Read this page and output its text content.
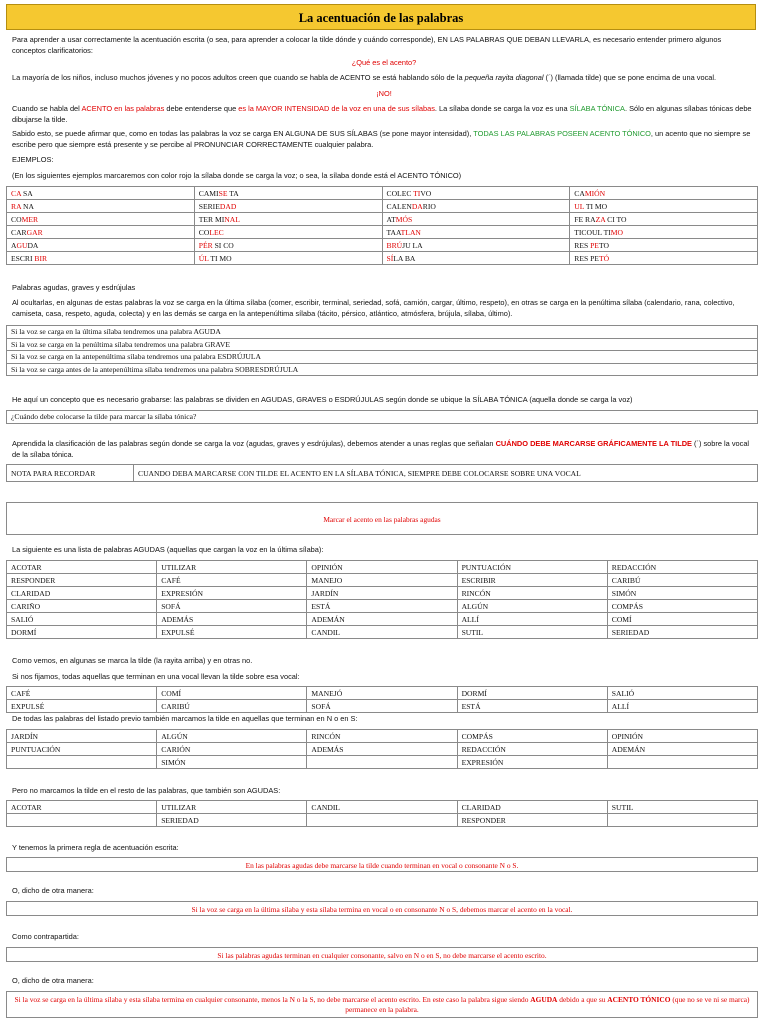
La acentuación de las palabras

Para aprender a usar correctamente la acentuación escrita (o sea, para aprender a colocar la tilde dónde y cuándo corresponde), EN LAS PALABRAS QUE DEBAN LLEVARLA, es necesario entender primero algunos conceptos clarificatorios:

¿Qué es el acento?

La mayoría de los niños, incluso muchos jóvenes y no pocos adultos creen que cuando se habla de ACENTO se está hablando sólo de la pequeña rayita diagonal (´) (llamada tilde) que se pone encima de una vocal.

¡NO!

Cuando se habla del ACENTO en las palabras debe entenderse que es la MAYOR INTENSIDAD de la voz en una de sus sílabas. La sílaba donde se carga la voz es una SÍLABA TÓNICA. Sólo en algunas sílabas tónicas debe dibujarse la tilde.

Sabido esto, se puede afirmar que, como en todas las palabras la voz se carga EN ALGUNA DE SUS SÍLABAS (se pone mayor intensidad), TODAS LAS PALABRAS POSEEN ACENTO TÓNICO, un acento que no siempre se escribe pero que siempre está presente y se percibe al PRONUNCIAR CORRECTAMENTE cualquier palabra.

EJEMPLOS:

(En los siguientes ejemplos marcaremos con color rojo la sílaba donde se carga la voz; o sea, la sílaba donde está el ACENTO TÓNICO)

CA SA	CAMISE TA	COLEC TIVO	CAMIÓN
RA NA	SERIEDAD	CALENDARIO	UL TI MO
COMER	TER MINAL	ATMÓS	FE RAZA CI TO
CARGAR	COLEC	TAATLAN	TICOUL TIMO
AGUDA	PÉR SI CO	BRÚJU LA	RES PETO
ESCRI BIR	ÚL TI MO	SÍLA BA	RES PETÓ

Palabras agudas, graves y esdrújulas

Al ocultarlas, en algunas de estas palabras la voz se carga en la última sílaba (comer, escribir, terminal, seriedad, sofá, camión, cargar, último, respeto), en otras se carga en la penúltima sílaba (calendario, rana, colectivo, camiseta, casa, respeto, aguda, colecta) y en las demás se carga en la antepenúltima sílaba (tácito, pérsico, atlántico, atmósfera, brújula, sílaba, último).

Si la voz se carga en la última sílaba tendremos una palabra AGUDA
Si la voz se carga en la penúltima sílaba tendremos una palabra GRAVE
Si la voz se carga en la antepenúltima sílaba tendremos una palabra ESDRÚJULA
Si la voz se carga antes de la antepenúltima sílaba tendremos una palabra SOBRESDRÚJULA

He aquí un concepto que es necesario grabarse: las palabras se dividen en AGUDAS, GRAVES o ESDRÚJULAS según donde se ubique la SÍLABA TÓNICA (aquella donde se carga la voz)

¿Cuándo debe colocarse la tilde para marcar la sílaba tónica?

Aprendida la clasificación de las palabras según donde se carga la voz (agudas, graves y esdrújulas), debemos atender a unas reglas que señalan CUÁNDO DEBE MARCARSE GRÁFICAMENTE LA TILDE (´) sobre la vocal de la sílaba tónica.

NOTA PARA RECORDAR	CUANDO DEBA MARCARSE CON TILDE EL ACENTO EN LA SÍLABA TÓNICA, SIEMPRE DEBE COLOCARSE SOBRE UNA VOCAL
Marcar el acento en las palabras agudas

La siguiente es una lista de palabras AGUDAS (aquellas que cargan la voz en la última sílaba):

ACOTAR	UTILIZAR	OPINIÓN	PUNTUACIÓN	REDACCIÓN
RESPONDER	CAFÉ	MANEJO	ESCRIBIR	CARIBÚ
CLARIDAD	EXPRESIÓN	JARDÍN	RINCÓN	SIMÓN
CARIÑO	SOFÁ	ESTÁ	ALGÚN	COMPÁS
SALIÓ	ADEMÁS	ADEMÁN	ALLÍ	COMÍ
DORMÍ	EXPULSÉ	CANDIL	SUTIL	SERIEDAD

Como vemos, en algunas se marca la tilde (la rayita arriba) y en otras no.

Si nos fijamos, todas aquellas que terminan en una vocal llevan la tilde sobre esa vocal:

CAFÉ	COMÍ	MANEJÓ	DORMÍ	SALIÓ
EXPULSÉ	CARIBÚ	SOFÁ	ESTÁ	ALLÍ

De todas las palabras del listado previo también marcamos la tilde en aquellas que terminan en N o en S:

JARDÍN	ALGÚN	RINCÓN	COMPÁS	OPINIÓN
PUNTUACIÓN	CARIÓN	ADEMÁS	REDACCIÓN	ADEMÁN
	SIMÓN		EXPRESIÓN	

Pero no marcamos la tilde en el resto de las palabras, que también son AGUDAS:

ACOTAR	UTILIZAR	CANDIL	CLARIDAD	SUTIL
	SERIEDAD		RESPONDER	

Y tenemos la primera regla de acentuación escrita:

En las palabras agudas debe marcarse la tilde cuando terminan en vocal o consonante N o S.

O, dicho de otra manera:

Si la voz se carga en la última sílaba y esta sílaba termina en vocal o en consonante N o S, debemos marcar el acento en la vocal.

Como contrapartida:

Si las palabras agudas terminan en cualquier consonante, salvo en N o en S, no debe marcarse el acento escrito.

O, dicho de otra manera:

Si la voz se carga en la última sílaba y esta sílaba termina en cualquier consonante, menos la N o la S, no debe marcarse el acento escrito. En este caso la palabra sigue siendo AGUDA debido a que su ACENTO TÓNICO (que no se ve ni se marca) permanece en la palabra.
